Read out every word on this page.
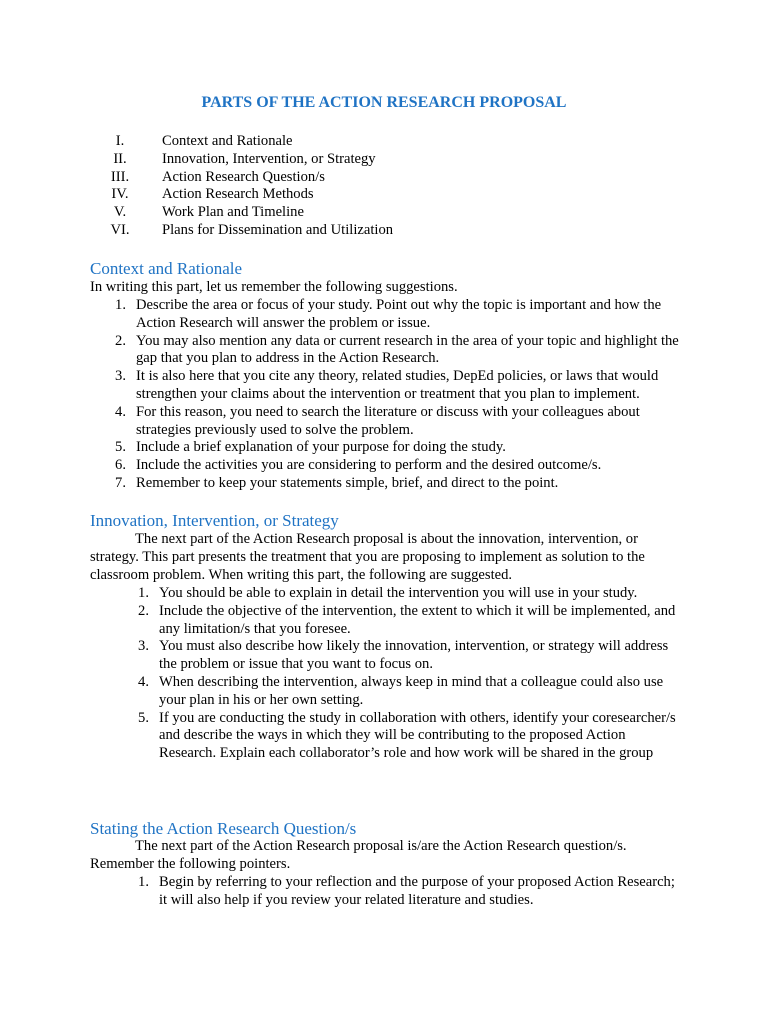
PARTS OF THE ACTION RESEARCH PROPOSAL
I.	Context and Rationale
II.	Innovation, Intervention, or Strategy
III.	Action Research Question/s
IV.	Action Research Methods
V.	Work Plan and Timeline
VI.	Plans for Dissemination and Utilization
Context and Rationale
In writing this part, let us remember the following suggestions.
1. Describe the area or focus of your study. Point out why the topic is important and how the Action Research will answer the problem or issue.
2. You may also mention any data or current research in the area of your topic and highlight the gap that you plan to address in the Action Research.
3. It is also here that you cite any theory, related studies, DepEd policies, or laws that would strengthen your claims about the intervention or treatment that you plan to implement.
4. For this reason, you need to search the literature or discuss with your colleagues about strategies previously used to solve the problem.
5. Include a brief explanation of your purpose for doing the study.
6. Include the activities you are considering to perform and the desired outcome/s.
7. Remember to keep your statements simple, brief, and direct to the point.
Innovation, Intervention, or Strategy
The next part of the Action Research proposal is about the innovation, intervention, or strategy. This part presents the treatment that you are proposing to implement as solution to the classroom problem. When writing this part, the following are suggested.
1. You should be able to explain in detail the intervention you will use in your study.
2. Include the objective of the intervention, the extent to which it will be implemented, and any limitation/s that you foresee.
3. You must also describe how likely the innovation, intervention, or strategy will address the problem or issue that you want to focus on.
4. When describing the intervention, always keep in mind that a colleague could also use your plan in his or her own setting.
5. If you are conducting the study in collaboration with others, identify your coresearcher/s and describe the ways in which they will be contributing to the proposed Action Research. Explain each collaborator’s role and how work will be shared in the group
Stating the Action Research Question/s
The next part of the Action Research proposal is/are the Action Research question/s. Remember the following pointers.
1. Begin by referring to your reflection and the purpose of your proposed Action Research; it will also help if you review your related literature and studies.
